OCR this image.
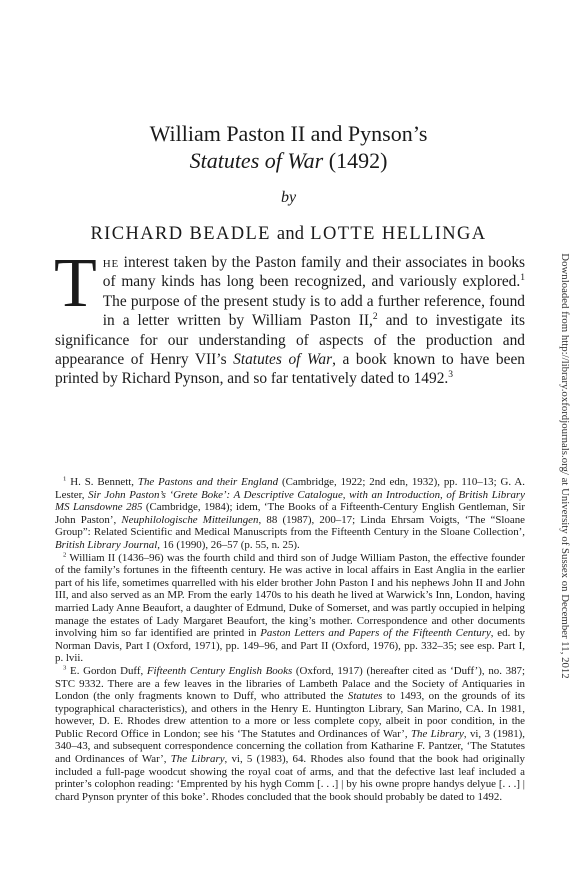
William Paston II and Pynson’s
Statutes of War (1492)
by
RICHARD BEADLE and LOTTE HELLINGA
The interest taken by the Paston family and their associates in books of many kinds has long been recognized, and variously explored.$^1$ The purpose of the present study is to add a further reference, found in a letter written by William Paston II,$^2$ and to investigate its significance for our understanding of aspects of the production and appearance of Henry VII’s Statutes of War, a book known to have been printed by Richard Pynson, and so far tentatively dated to 1492.$^3$

$^1$ H. S. Bennett, The Pastons and their England (Cambridge, 1922; 2nd edn, 1932), pp. 110–13; G. A. Lester, Sir John Paston’s ‘Grete Boke’: A Descriptive Catalogue, with an Introduction, of British Library MS Lansdowne 285 (Cambridge, 1984); idem, ‘The Books of a Fifteenth-Century English Gentleman, Sir John Paston’, Neuphilologische Mitteilungen, 88 (1987), 200–17; Linda Ehrsam Voigts, ‘The “Sloane Group”: Related Scientific and Medical Manuscripts from the Fifteenth Century in the Sloane Collection’, British Library Journal, 16 (1990), 26–57 (p. 55, n. 25).

$^2$ William II (1436–96) was the fourth child and third son of Judge William Paston, the effective founder of the family’s fortunes in the fifteenth century. He was active in local affairs in East Anglia in the earlier part of his life, sometimes quarrelled with his elder brother John Paston I and his nephews John II and John III, and also served as an MP. From the early 1470s to his death he lived at Warwick’s Inn, London, having married Lady Anne Beaufort, a daughter of Edmund, Duke of Somerset, and was partly occupied in helping manage the estates of Lady Margaret Beaufort, the king’s mother. Correspondence and other documents involving him so far identified are printed in Paston Letters and Papers of the Fifteenth Century, ed. by Norman Davis, Part I (Oxford, 1971), pp. 149–96, and Part II (Oxford, 1976), pp. 332–35; see esp. Part I, p. lvii.

$^3$ E. Gordon Duff, Fifteenth Century English Books (Oxford, 1917) (hereafter cited as ‘Duff’), no. 387; STC 9332. There are a few leaves in the libraries of Lambeth Palace and the Society of Antiquaries in London (the only fragments known to Duff, who attributed the Statutes to 1493, on the grounds of its typographical characteristics), and others in the Henry E. Huntington Library, San Marino, CA. In 1981, however, D. E. Rhodes drew attention to a more or less complete copy, albeit in poor condition, in the Public Record Office in London; see his ‘The Statutes and Ordinances of War’, The Library, vi, 3 (1981), 340–43, and subsequent correspondence concerning the collation from Katharine F. Pantzer, ‘The Statutes and Ordinances of War’, The Library, vi, 5 (1983), 64. Rhodes also found that the book had originally included a full-page woodcut showing the royal coat of arms, and that the defective last leaf included a printer’s colophon reading: ‘Emprented by his hygh Comm [. . .] | by his owne propre handys delyue [. . .] | chard Pynson prynter of this boke’. Rhodes concluded that the book should probably be dated to 1492.

Downloaded from http://library.oxfordjournals.org/ at University of Sussex on December 11, 2012
